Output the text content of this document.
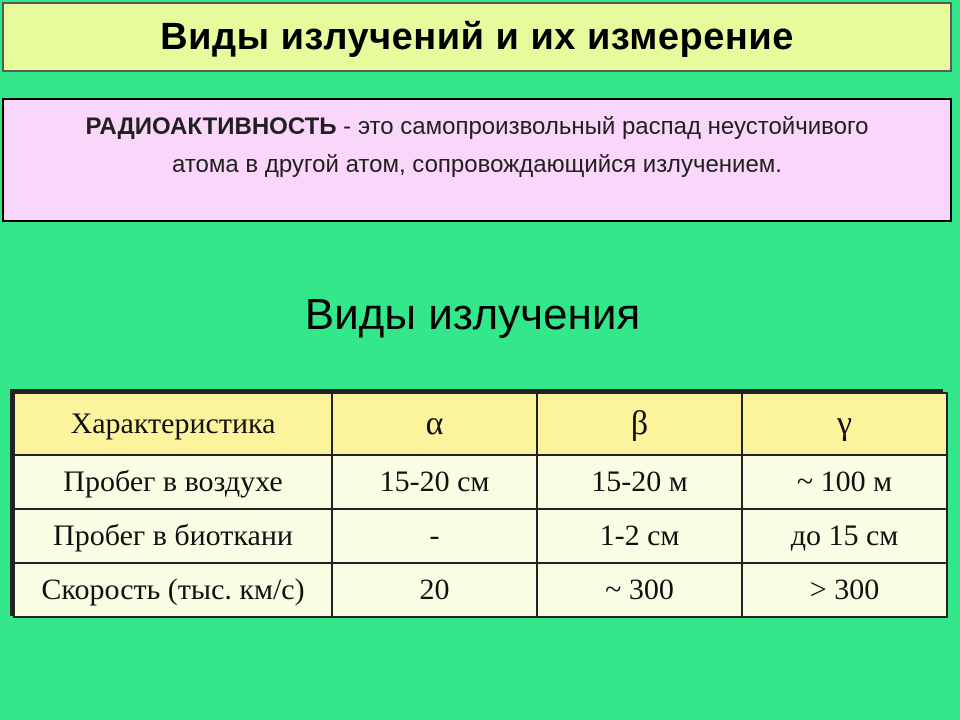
Виды излучений и их измерение
РАДИОАКТИВНОСТЬ - это самопроизвольный распад неустойчивого атома в другой атом, сопровождающийся излучением.
Виды излучения
Характеристика	α	β	γ
Пробег в воздухе	15-20 см	15-20 м	~ 100 м
Пробег в биоткани	-	1-2 см	до 15 см
Скорость (тыс. км/с)	20	~ 300	> 300
